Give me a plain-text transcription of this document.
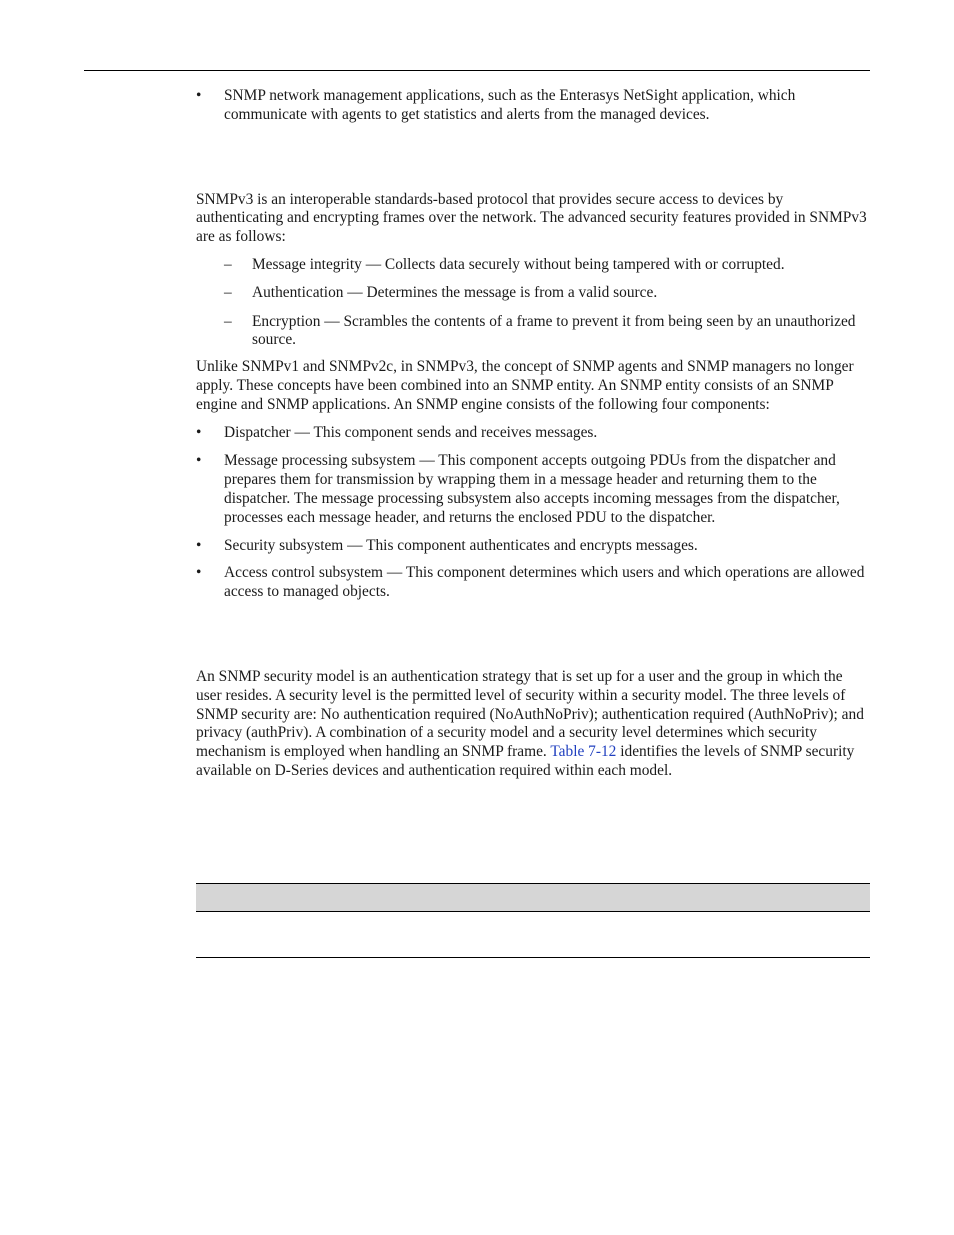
• SNMP network management applications, such as the Enterasys NetSight application, which communicate with agents to get statistics and alerts from the managed devices.

SNMPv3 is an interoperable standards-based protocol that provides secure access to devices by authenticating and encrypting frames over the network. The advanced security features provided in SNMPv3 are as follows:

– Message integrity — Collects data securely without being tampered with or corrupted.
– Authentication — Determines the message is from a valid source.
– Encryption — Scrambles the contents of a frame to prevent it from being seen by an unauthorized source.

Unlike SNMPv1 and SNMPv2c, in SNMPv3, the concept of SNMP agents and SNMP managers no longer apply. These concepts have been combined into an SNMP entity. An SNMP entity consists of an SNMP engine and SNMP applications. An SNMP engine consists of the following four components:

• Dispatcher — This component sends and receives messages.
• Message processing subsystem — This component accepts outgoing PDUs from the dispatcher and prepares them for transmission by wrapping them in a message header and returning them to the dispatcher. The message processing subsystem also accepts incoming messages from the dispatcher, processes each message header, and returns the enclosed PDU to the dispatcher.
• Security subsystem — This component authenticates and encrypts messages.
• Access control subsystem — This component determines which users and which operations are allowed access to managed objects.

An SNMP security model is an authentication strategy that is set up for a user and the group in which the user resides. A security level is the permitted level of security within a security model. The three levels of SNMP security are: No authentication required (NoAuthNoPriv); authentication required (AuthNoPriv); and privacy (authPriv). A combination of a security model and a security level determines which security mechanism is employed when handling an SNMP frame. Table 7-12 identifies the levels of SNMP security available on D-Series devices and authentication required within each model.
